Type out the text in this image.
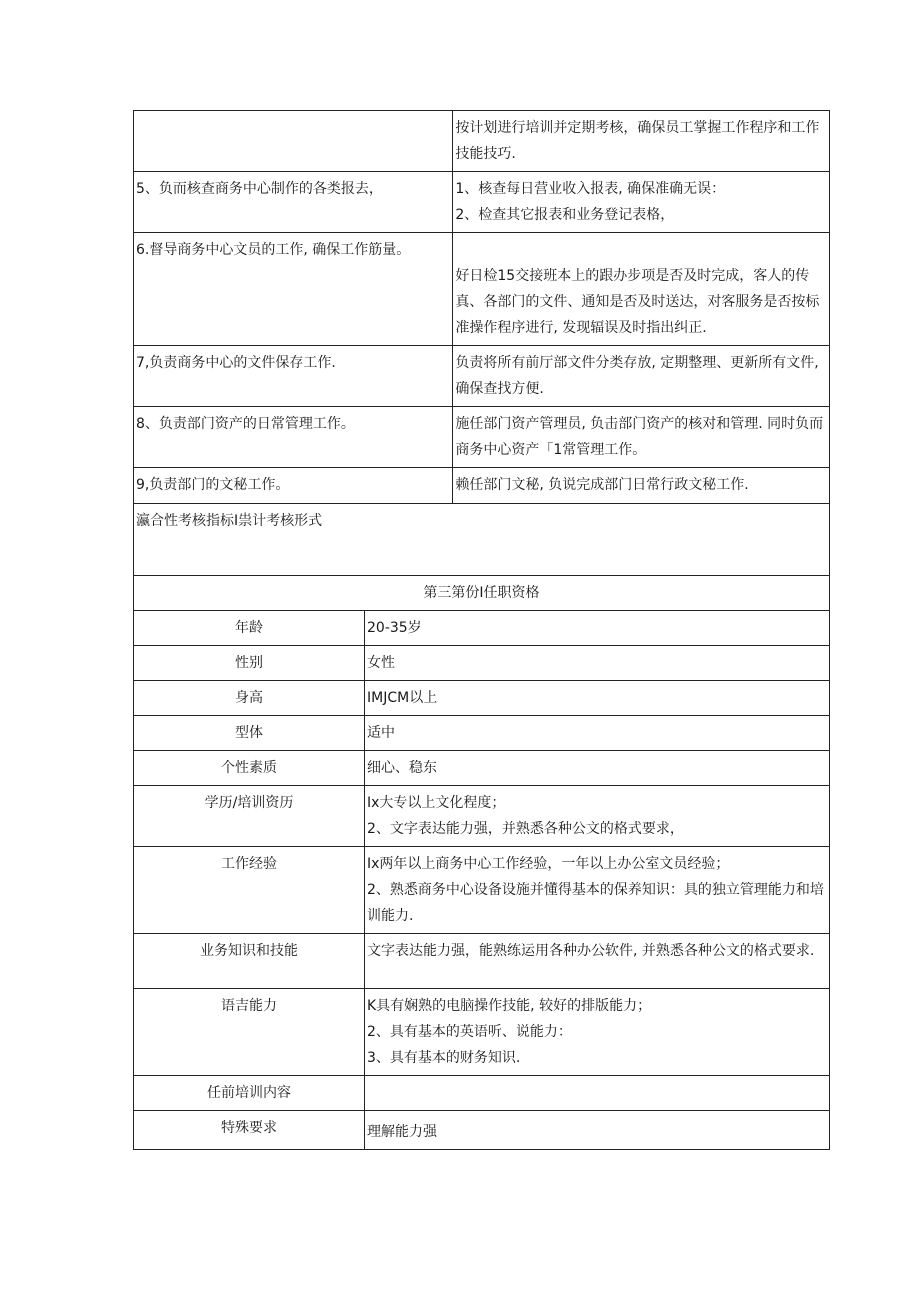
	按计划进行培训并定期考核，确保员工掌握工作程序和工作技能技巧.

5、负而核查商务中心制作的各类报去，	1、核查每日营业收入报表, 确保准确无误：
2、检查其它报表和业务登记表格，

6.督导商务中心文员的工作, 确保工作筋量。	好日检15交接班本上的跟办步项是否及时完成，客人的传真、各部门的文件、通知是否及时送达，对客服务是否按标准操作程序进行, 发现辐误及时指出纠正.

7,负责商务中心的文件保存工作.	负责将所有前厅部文件分类存放, 定期整理、更新所有文件, 确保查找方便.

8、负责部门资产的日常管理工作。	施任部门资产管理员, 负击部门资产的核对和管理. 同时负而商务中心资产「1常管理工作。

9,负责部门的文秘工作。	赖任部门文秘, 负说完成部门日常行政文秘工作.

瀛合性考核指标I祟计考核形式	
第三第份I任职资格	
年龄	20-35岁

性别	女性

身高	IMJCM以上

型体	适中

个性素质	细心、稳东

学历/培训资历	Ix大专以上文化程度；
2、文字表达能力强，并熟悉各种公文的格式要求，

工作经验	Ix两年以上商务中心工作经验，一年以上办公室文员经验；
2、熟悉商务中心设备设施并懂得基本的保养知识：具的独立管理能力和培训能力.

业务知识和技能	文字表达能力强，能熟练运用各种办公软件, 并熟悉各种公文的格式要求.

语吉能力	K具有娴熟的电脑操作技能, 较好的排版能力；
2、具有基本的英语听、说能力：
3、具有基本的财务知识.

任前培训内容	

特殊要求	理解能力强
